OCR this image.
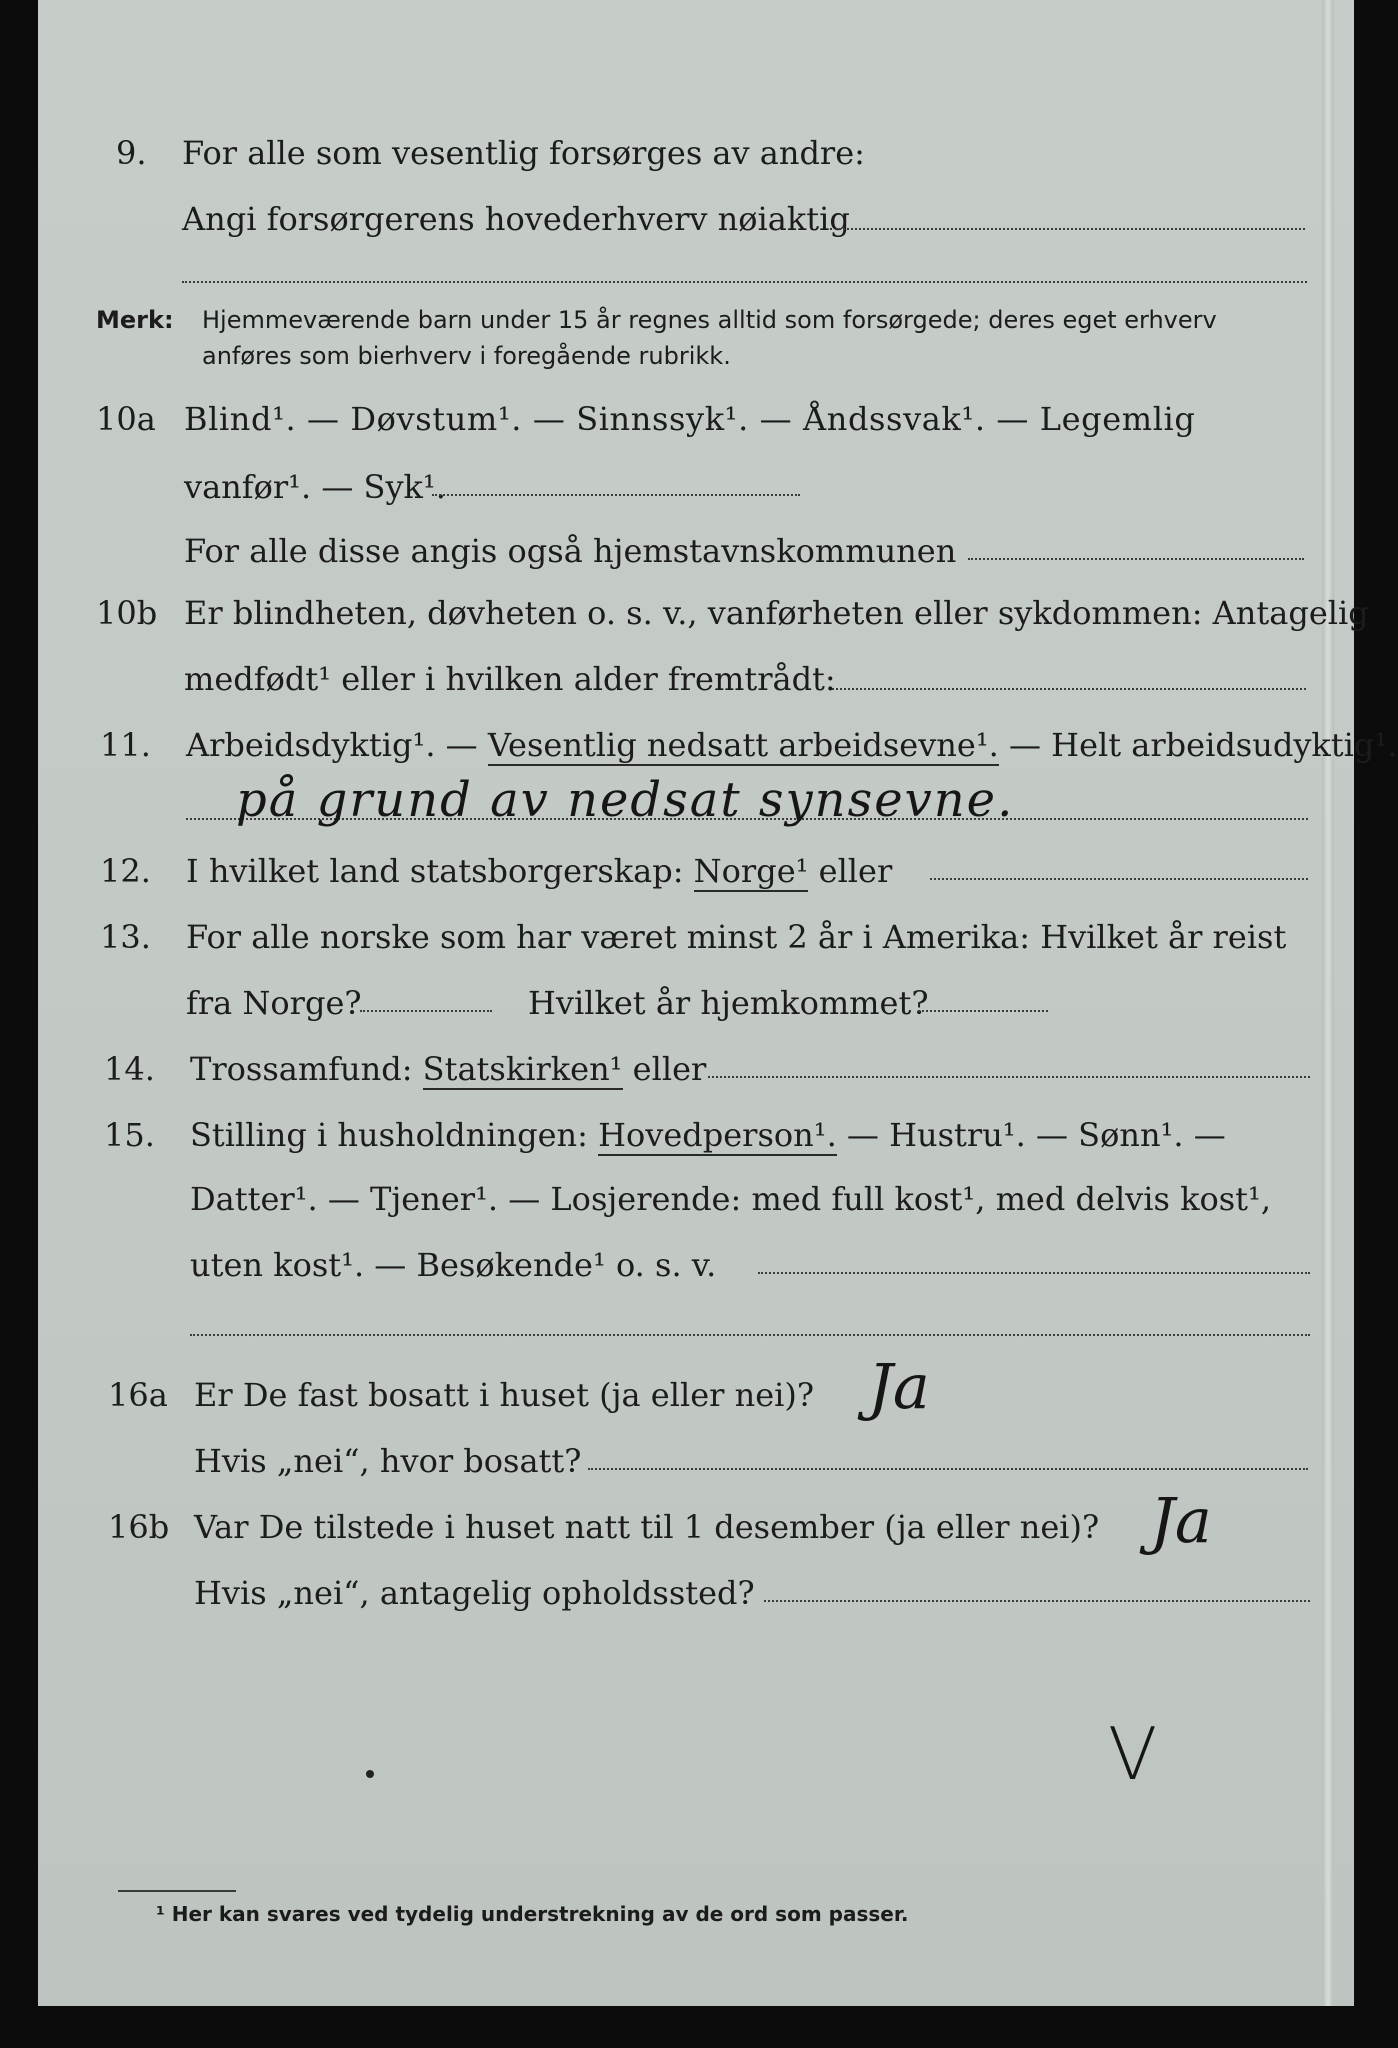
9. For alle som vesentlig forsørges av andre:
Angi forsørgerens hovederhverv nøiaktig
Merk: Hjemmeværende barn under 15 år regnes alltid som forsørgede; deres eget erhverv
anføres som bierhverv i foregående rubrikk.
10a Blind¹. — Døvstum¹. — Sinnssyk¹. — Åndssvak¹. — Legemlig
vanfør¹. — Syk¹.
For alle disse angis også hjemstavnskommunen
10b Er blindheten, døvheten o. s. v., vanførheten eller sykdommen: Antagelig
medfødt¹ eller i hvilken alder fremtrådt:
11. Arbeidsdyktig¹. — Vesentlig nedsatt arbeidsevne¹. — Helt arbeidsudyktig¹.
på grund av nedsat synsevne.
12. I hvilket land statsborgerskap: Norge¹ eller
13. For alle norske som har været minst 2 år i Amerika: Hvilket år reist
fra Norge?	Hvilket år hjemkommet?
14. Trossamfund: Statskirken¹ eller
15. Stilling i husholdningen: Hovedperson¹. — Hustru¹. — Sønn¹. —
Datter¹. — Tjener¹. — Losjerende: med full kost¹, med delvis kost¹,
uten kost¹. — Besøkende¹ o. s. v.
16a Er De fast bosatt i huset (ja eller nei)? Ja
Hvis „nei“, hvor bosatt?
16b Var De tilstede i huset natt til 1 desember (ja eller nei)? Ja
Hvis „nei“, antagelig opholdssted?
V
¹ Her kan svares ved tydelig understrekning av de ord som passer.
